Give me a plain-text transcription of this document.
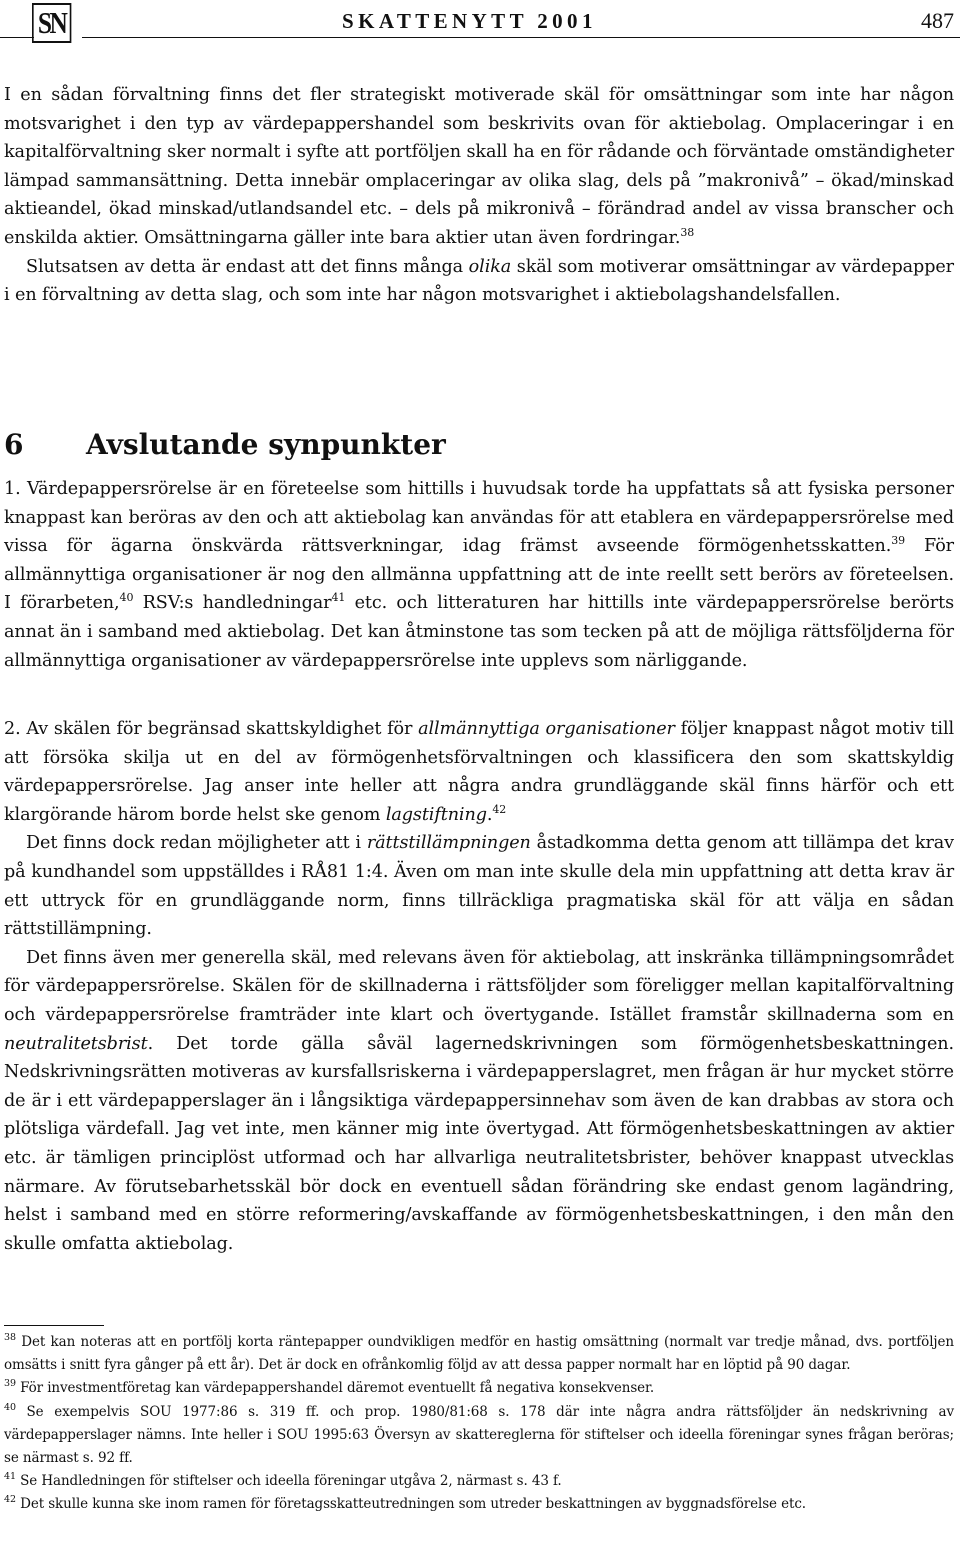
SN	SKATTENYTT 2001	487

I en sådan förvaltning finns det fler strategiskt motiverade skäl för omsättningar som inte har någon motsvarighet i den typ av värdepappershandel som beskrivits ovan för aktiebolag. Omplaceringar i en kapitalförvaltning sker normalt i syfte att portföljen skall ha en för rådande och förväntade omständigheter lämpad sammansättning. Detta innebär omplaceringar av olika slag, dels på ”makronivå” – ökad/minskad aktieandel, ökad minskad/utlandsandel etc. – dels på mikronivå – förändrad andel av vissa branscher och enskilda aktier. Omsättningarna gäller inte bara aktier utan även fordringar.$^{38}$

Slutsatsen av detta är endast att det finns många olika skäl som motiverar omsättningar av värdepapper i en förvaltning av detta slag, och som inte har någon motsvarighet i aktiebolagshandelsfallen.

6 Avslutande synpunkter

1. Värdepappersrörelse är en företeelse som hittills i huvudsak torde ha uppfattats så att fysiska personer knappast kan beröras av den och att aktiebolag kan användas för att etablera en värdepappersrörelse med vissa för ägarna önskvärda rättsverkningar, idag främst avseende förmögenhetsskatten.$^{39}$ För allmännyttiga organisationer är nog den allmänna uppfattning att de inte reellt sett berörs av företeelsen. I förarbeten,$^{40}$ RSV:s handledningar$^{41}$ etc. och litteraturen har hittills inte värdepappersrörelse berörts annat än i samband med aktiebolag. Det kan åtminstone tas som tecken på att de möjliga rättsföljderna för allmännyttiga organisationer av värdepappersrörelse inte upplevs som närliggande.

2. Av skälen för begränsad skattskyldighet för allmännyttiga organisationer följer knappast något motiv till att försöka skilja ut en del av förmögenhetsförvaltningen och klassificera den som skattskyldig värdepappersrörelse. Jag anser inte heller att några andra grundläggande skäl finns härför och ett klargörande härom borde helst ske genom lagstiftning.$^{42}$

Det finns dock redan möjligheter att i rättstillämpningen åstadkomma detta genom att tillämpa det krav på kundhandel som uppställdes i RÅ81 1:4. Även om man inte skulle dela min uppfattning att detta krav är ett uttryck för en grundläggande norm, finns tillräckliga pragmatiska skäl för att välja en sådan rättstillämpning.

Det finns även mer generella skäl, med relevans även för aktiebolag, att inskränka tillämpningsområdet för värdepappersrörelse. Skälen för de skillnaderna i rättsföljder som föreligger mellan kapitalförvaltning och värdepappersrörelse framträder inte klart och övertygande. Istället framstår skillnaderna som en neutralitetsbrist. Det torde gälla såväl lagernedskrivningen som förmögenhetsbeskattningen. Nedskrivningsrätten motiveras av kursfallsriskerna i värdepapperslagret, men frågan är hur mycket större de är i ett värdepapperslager än i långsiktiga värdepappersinnehav som även de kan drabbas av stora och plötsliga värdefall. Jag vet inte, men känner mig inte övertygad. Att förmögenhetsbeskattningen av aktier etc. är tämligen principlöst utformad och har allvarliga neutralitetsbrister, behöver knappast utvecklas närmare. Av förutsebarhetsskäl bör dock en eventuell sådan förändring ske endast genom lagändring, helst i samband med en större reformering/avskaffande av förmögenhetsbeskattningen, i den mån den skulle omfatta aktiebolag.

$^{38}$ Det kan noteras att en portfölj korta räntepapper oundvikligen medför en hastig omsättning (normalt var tredje månad, dvs. portföljen omsätts i snitt fyra gånger på ett år). Det är dock en ofrånkomlig följd av att dessa papper normalt har en löptid på 90 dagar.

$^{39}$ För investmentföretag kan värdepappershandel däremot eventuellt få negativa konsekvenser.

$^{40}$ Se exempelvis SOU 1977:86 s. 319 ff. och prop. 1980/81:68 s. 178 där inte några andra rättsföljder än nedskrivning av värdepapperslager nämns. Inte heller i SOU 1995:63 Översyn av skattereglerna för stiftelser och ideella föreningar synes frågan beröras; se närmast s. 92 ff.

$^{41}$ Se Handledningen för stiftelser och ideella föreningar utgåva 2, närmast s. 43 f.

$^{42}$ Det skulle kunna ske inom ramen för företagsskatteutredningen som utreder beskattningen av byggnadsförelse etc.
